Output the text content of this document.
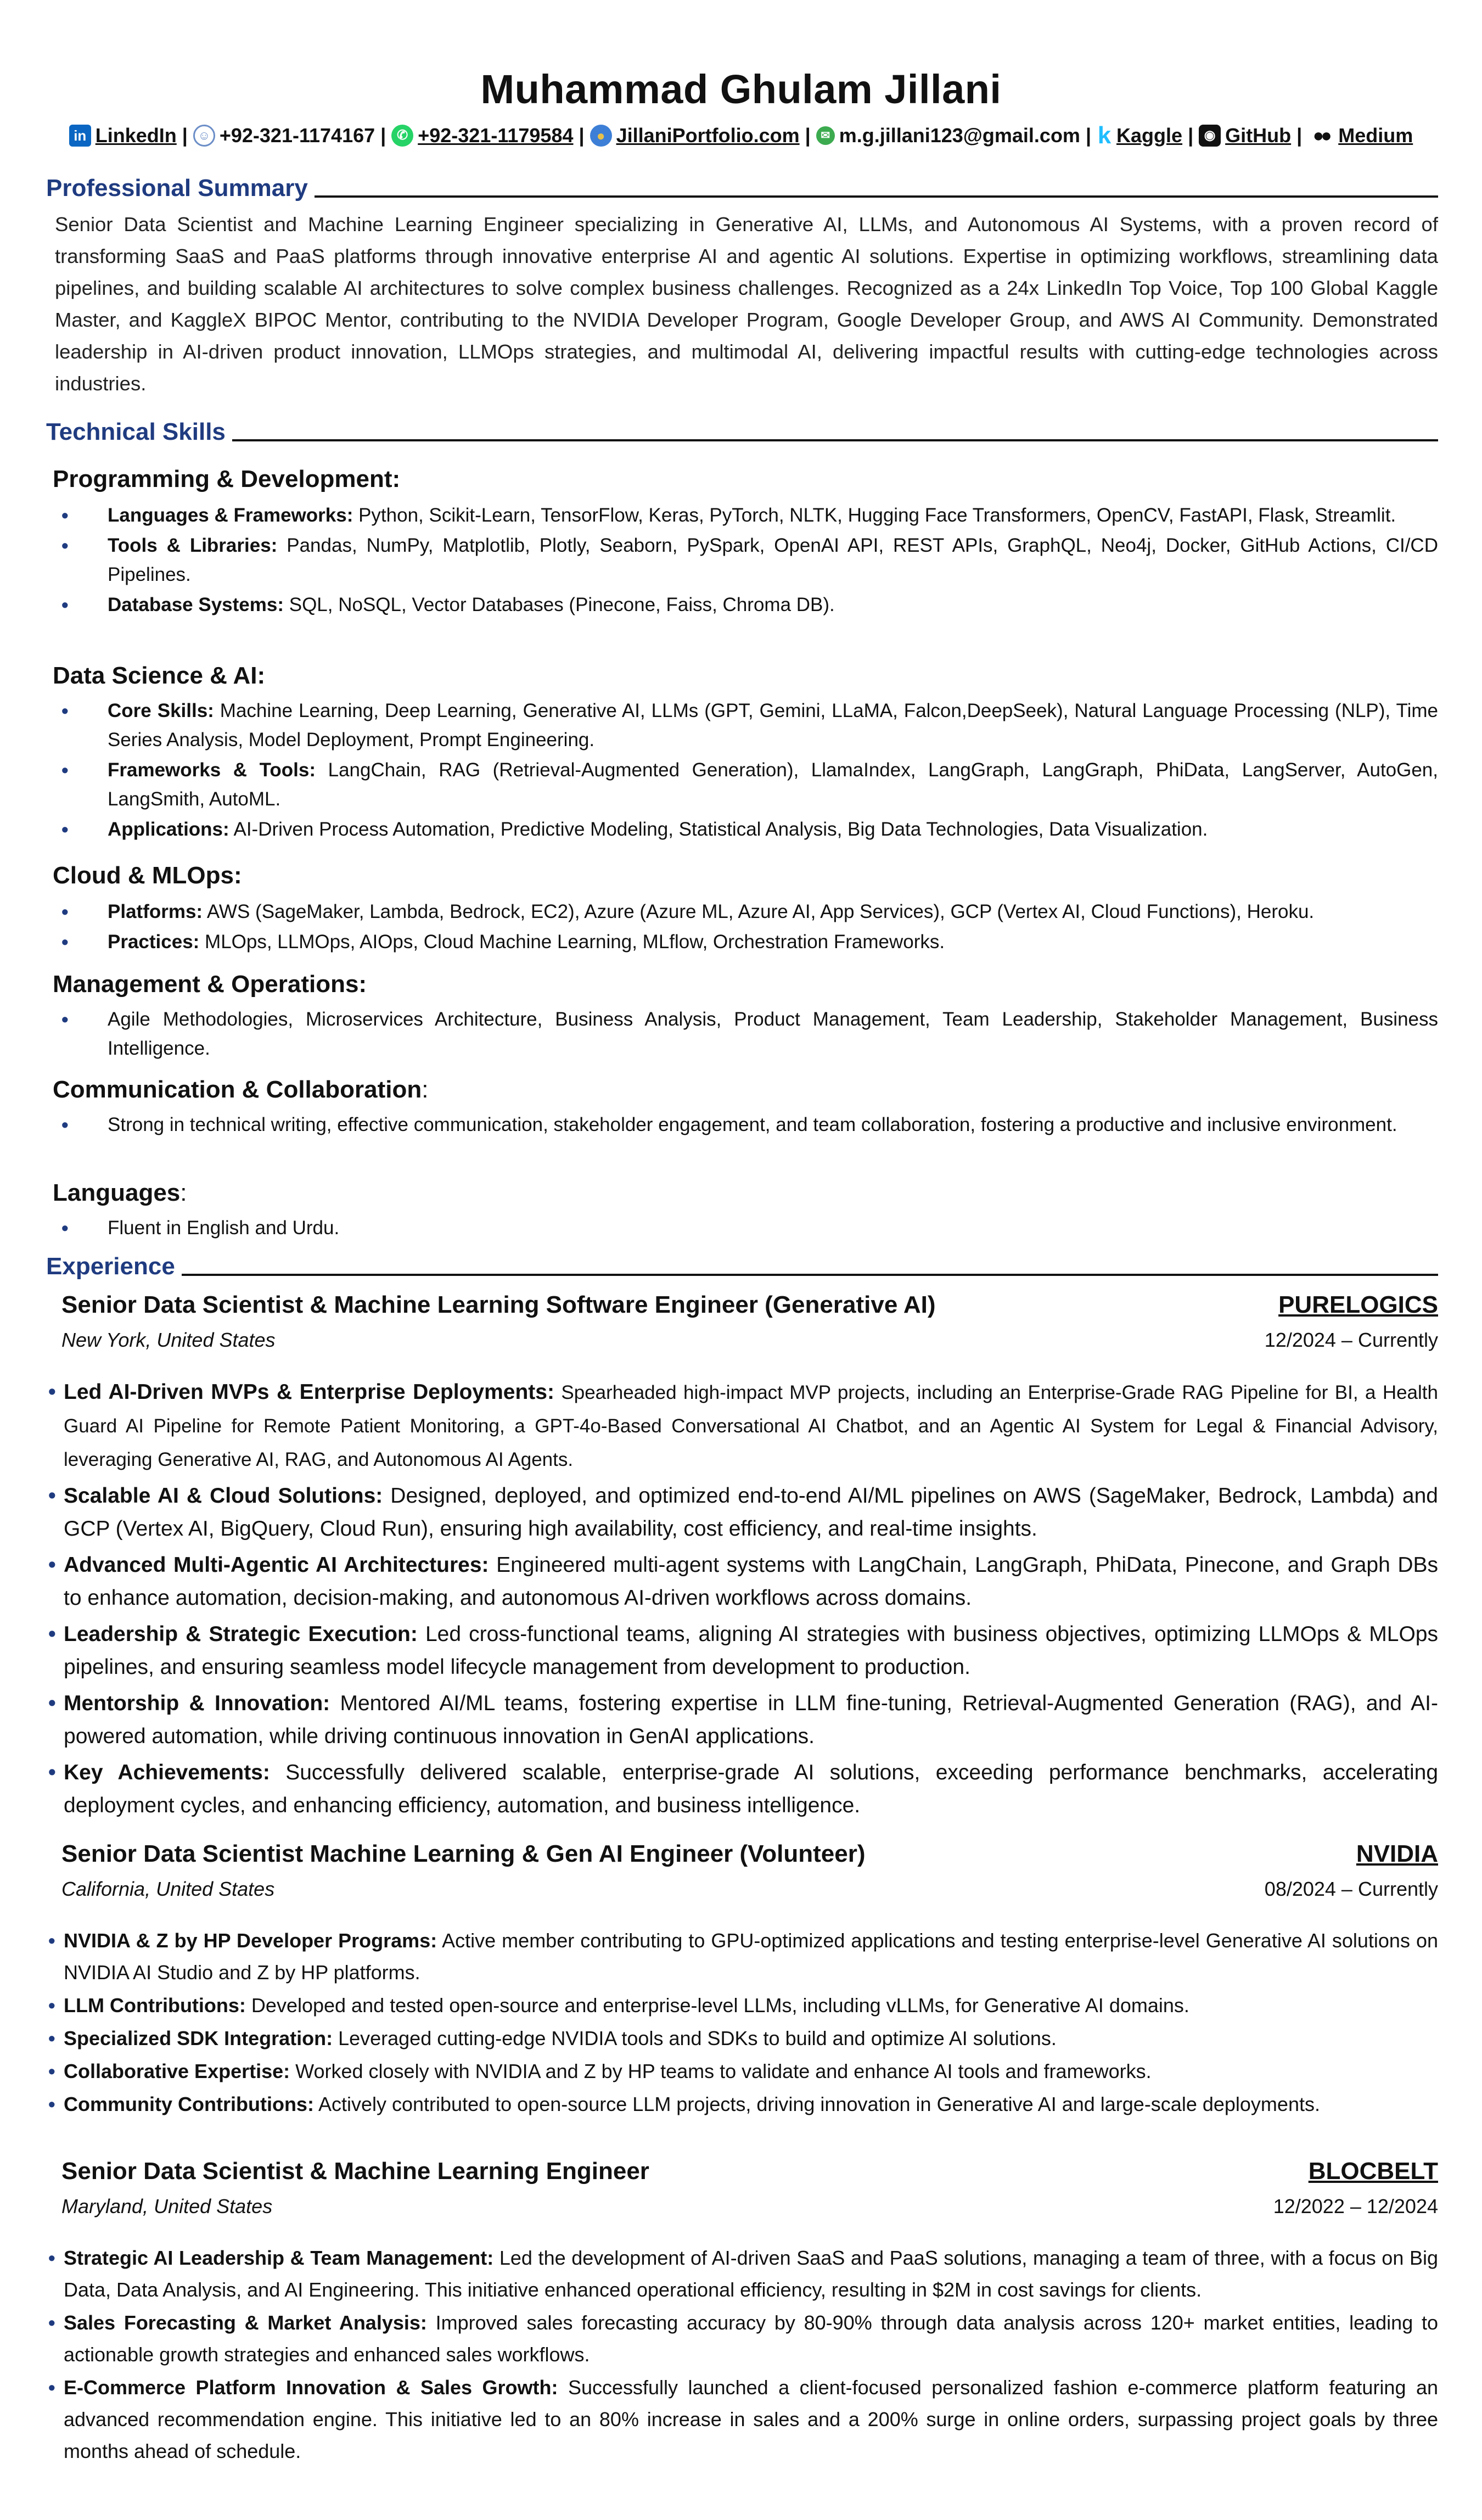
Muhammad Ghulam Jillani
in LinkedIn | ☺ +92-321-1174167 | ✆ +92-321-1179584 | ● JillaniPortfolio.com | ✉ m.g.jillani123@gmail.com | k Kaggle | ◉ GitHub | ●● Medium
Professional Summary
Senior Data Scientist and Machine Learning Engineer specializing in Generative AI, LLMs, and Autonomous AI Systems, with a proven record of transforming SaaS and PaaS platforms through innovative enterprise AI and agentic AI solutions. Expertise in optimizing workflows, streamlining data pipelines, and building scalable AI architectures to solve complex business challenges. Recognized as a 24x LinkedIn Top Voice, Top 100 Global Kaggle Master, and KaggleX BIPOC Mentor, contributing to the NVIDIA Developer Program, Google Developer Group, and AWS AI Community. Demonstrated leadership in AI-driven product innovation, LLMOps strategies, and multimodal AI, delivering impactful results with cutting-edge technologies across industries.
Technical Skills
Programming & Development:
• Languages & Frameworks: Python, Scikit-Learn, TensorFlow, Keras, PyTorch, NLTK, Hugging Face Transformers, OpenCV, FastAPI, Flask, Streamlit.
• Tools & Libraries: Pandas, NumPy, Matplotlib, Plotly, Seaborn, PySpark, OpenAI API, REST APIs, GraphQL, Neo4j, Docker, GitHub Actions, CI/CD Pipelines.
• Database Systems: SQL, NoSQL, Vector Databases (Pinecone, Faiss, Chroma DB).
Data Science & AI:
• Core Skills: Machine Learning, Deep Learning, Generative AI, LLMs (GPT, Gemini, LLaMA, Falcon,DeepSeek), Natural Language Processing (NLP), Time Series Analysis, Model Deployment, Prompt Engineering.
• Frameworks & Tools: LangChain, RAG (Retrieval-Augmented Generation), LlamaIndex, LangGraph, LangGraph, PhiData, LangServer, AutoGen, LangSmith, AutoML.
• Applications: AI-Driven Process Automation, Predictive Modeling, Statistical Analysis, Big Data Technologies, Data Visualization.
Cloud & MLOps:
• Platforms: AWS (SageMaker, Lambda, Bedrock, EC2), Azure (Azure ML, Azure AI, App Services), GCP (Vertex AI, Cloud Functions), Heroku.
• Practices: MLOps, LLMOps, AIOps, Cloud Machine Learning, MLflow, Orchestration Frameworks.
Management & Operations:
• Agile Methodologies, Microservices Architecture, Business Analysis, Product Management, Team Leadership, Stakeholder Management, Business Intelligence.
Communication & Collaboration:
• Strong in technical writing, effective communication, stakeholder engagement, and team collaboration, fostering a productive and inclusive environment.
Languages:
• Fluent in English and Urdu.
Experience
Senior Data Scientist & Machine Learning Software Engineer (Generative AI)	PURELOGICS
New York, United States	12/2024 – Currently
• Led AI-Driven MVPs & Enterprise Deployments: Spearheaded high-impact MVP projects, including an Enterprise-Grade RAG Pipeline for BI, a Health Guard AI Pipeline for Remote Patient Monitoring, a GPT-4o-Based Conversational AI Chatbot, and an Agentic AI System for Legal & Financial Advisory, leveraging Generative AI, RAG, and Autonomous AI Agents.
• Scalable AI & Cloud Solutions: Designed, deployed, and optimized end-to-end AI/ML pipelines on AWS (SageMaker, Bedrock, Lambda) and GCP (Vertex AI, BigQuery, Cloud Run), ensuring high availability, cost efficiency, and real-time insights.
• Advanced Multi-Agentic AI Architectures: Engineered multi-agent systems with LangChain, LangGraph, PhiData, Pinecone, and Graph DBs to enhance automation, decision-making, and autonomous AI-driven workflows across domains.
• Leadership & Strategic Execution: Led cross-functional teams, aligning AI strategies with business objectives, optimizing LLMOps & MLOps pipelines, and ensuring seamless model lifecycle management from development to production.
• Mentorship & Innovation: Mentored AI/ML teams, fostering expertise in LLM fine-tuning, Retrieval-Augmented Generation (RAG), and AI-powered automation, while driving continuous innovation in GenAI applications.
• Key Achievements: Successfully delivered scalable, enterprise-grade AI solutions, exceeding performance benchmarks, accelerating deployment cycles, and enhancing efficiency, automation, and business intelligence.
Senior Data Scientist Machine Learning & Gen AI Engineer (Volunteer)	NVIDIA
California, United States	08/2024 – Currently
• NVIDIA & Z by HP Developer Programs: Active member contributing to GPU-optimized applications and testing enterprise-level Generative AI solutions on NVIDIA AI Studio and Z by HP platforms.
• LLM Contributions: Developed and tested open-source and enterprise-level LLMs, including vLLMs, for Generative AI domains.
• Specialized SDK Integration: Leveraged cutting-edge NVIDIA tools and SDKs to build and optimize AI solutions.
• Collaborative Expertise: Worked closely with NVIDIA and Z by HP teams to validate and enhance AI tools and frameworks.
• Community Contributions: Actively contributed to open-source LLM projects, driving innovation in Generative AI and large-scale deployments.
Senior Data Scientist & Machine Learning Engineer	BLOCBELT
Maryland, United States	12/2022 – 12/2024
• Strategic AI Leadership & Team Management: Led the development of AI-driven SaaS and PaaS solutions, managing a team of three, with a focus on Big Data, Data Analysis, and AI Engineering. This initiative enhanced operational efficiency, resulting in $2M in cost savings for clients.
• Sales Forecasting & Market Analysis: Improved sales forecasting accuracy by 80-90% through data analysis across 120+ market entities, leading to actionable growth strategies and enhanced sales workflows.
• E-Commerce Platform Innovation & Sales Growth: Successfully launched a client-focused personalized fashion e-commerce platform featuring an advanced recommendation engine. This initiative led to an 80% increase in sales and a 200% surge in online orders, surpassing project goals by three months ahead of schedule.
